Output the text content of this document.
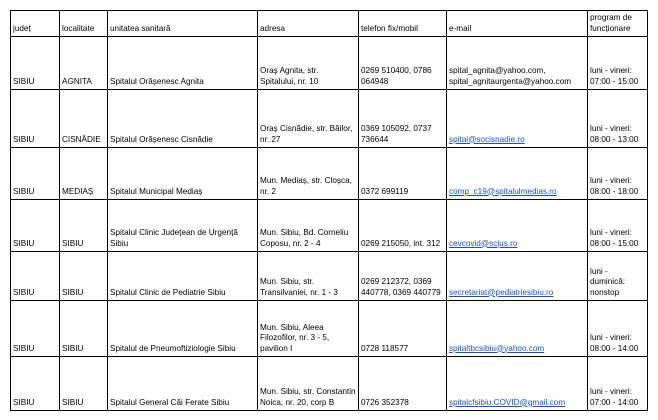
județ	localitate	unitatea sanitară	adresa	telefon fix/mobil	e-mail	program de funcționare
SIBIU	AGNITA	Spitalul Orășenesc Agnita	Oraș Agnita, str. Spitalului, nr. 10	0269 510400, 0786 064948	spital_agnita@yahoo.com, spital_agnitaurgenta@yahoo.com	luni - vineri: 07:00 - 15:00
SIBIU	CISNĂDIE	Spitalul Orășenesc Cisnădie	Oraș Cisnădie, str. Băilor, nr. 27	0369 105092, 0737 736644	spital@socisnadie.ro	luni - vineri: 08:00 - 13:00
SIBIU	MEDIAȘ	Spitalul Municipal Mediaș	Mun. Mediaș, str. Cloșca, nr. 2	0372 699119	comp_c19@spitalulmedias.ro	luni - vineri: 08:00 - 18:00
SIBIU	SIBIU	Spitalul Clinic Județean de Urgență Sibiu	Mun. Sibiu, Bd. Corneliu Coposu, nr. 2 - 4	0269 215050, int. 312	cevcovid@scjus.ro	luni - vineri: 08:00 - 15:00
SIBIU	SIBIU	Spitalul Clinic de Pediatrie Sibiu	Mun. Sibiu, str. Transilvaniei, nr. 1 - 3	0269 212372, 0369 440778, 0369 440779	secretariat@pediatriesibiu.ro	luni - duminică: nonstop
SIBIU	SIBIU	Spitalul de Pneumoftiziologie Sibiu	Mun. Sibiu, Aleea Filozofilor, nr. 3 - 5, pavilion I	0728 118577	spitaltbcsibiu@yahoo.com	luni - vineri: 08:00 - 14:00
SIBIU	SIBIU	Spitalul General Căi Ferate Sibiu	Mun. Sibiu, str. Constantin Noica, nr. 20, corp B	0726 352378	spitalcfsibiu.COVID@gmail.com	luni - vineri: 07:00 - 14:00
